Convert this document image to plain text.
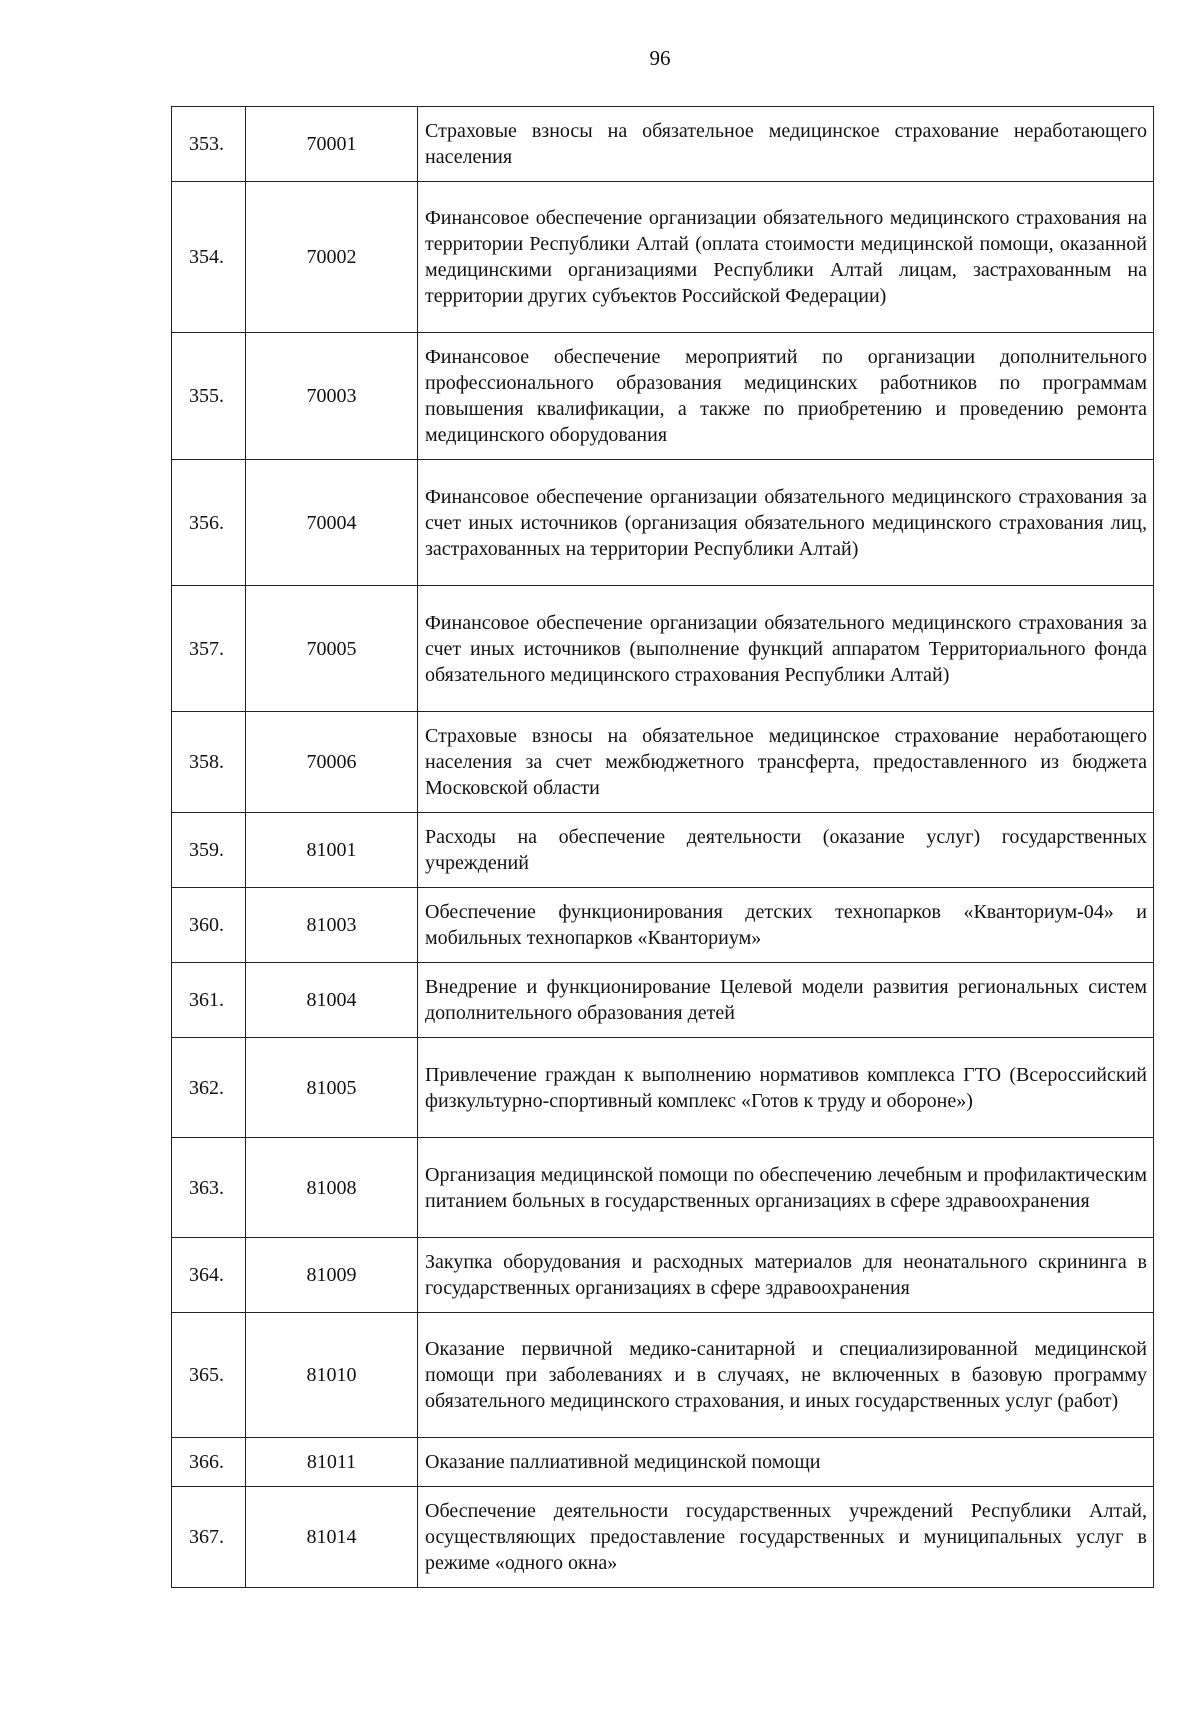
96
353.	70001	Страховые взносы на обязательное медицинское страхование неработающего населения
354.	70002	Финансовое обеспечение организации обязательного медицинского страхования на территории Республики Алтай (оплата стоимости медицинской помощи, оказанной медицинскими организациями Республики Алтай лицам, застрахованным на территории других субъектов Российской Федерации)
355.	70003	Финансовое обеспечение мероприятий по организации дополнительного профессионального образования медицинских работников по программам повышения квалификации, а также по приобретению и проведению ремонта медицинского оборудования
356.	70004	Финансовое обеспечение организации обязательного медицинского страхования за счет иных источников (организация обязательного медицинского страхования лиц, застрахованных на территории Республики Алтай)
357.	70005	Финансовое обеспечение организации обязательного медицинского страхования за счет иных источников (выполнение функций аппаратом Территориального фонда обязательного медицинского страхования Республики Алтай)
358.	70006	Страховые взносы на обязательное медицинское страхование неработающего населения за счет межбюджетного трансферта, предоставленного из бюджета Московской области
359.	81001	Расходы на обеспечение деятельности (оказание услуг) государственных учреждений
360.	81003	Обеспечение функционирования детских технопарков «Кванториум-04» и мобильных технопарков «Кванториум»
361.	81004	Внедрение и функционирование Целевой модели развития региональных систем дополнительного образования детей
362.	81005	Привлечение граждан к выполнению нормативов комплекса ГТО (Всероссийский физкультурно-спортивный комплекс «Готов к труду и обороне»)
363.	81008	Организация медицинской помощи по обеспечению лечебным и профилактическим питанием больных в государственных организациях в сфере здравоохранения
364.	81009	Закупка оборудования и расходных материалов для неонатального скрининга в государственных организациях в сфере здравоохранения
365.	81010	Оказание первичной медико-санитарной и специализированной медицинской помощи при заболеваниях и в случаях, не включенных в базовую программу обязательного медицинского страхования, и иных государственных услуг (работ)
366.	81011	Оказание паллиативной медицинской помощи
367.	81014	Обеспечение деятельности государственных учреждений Республики Алтай, осуществляющих предоставление государственных и муниципальных услуг в режиме «одного окна»
